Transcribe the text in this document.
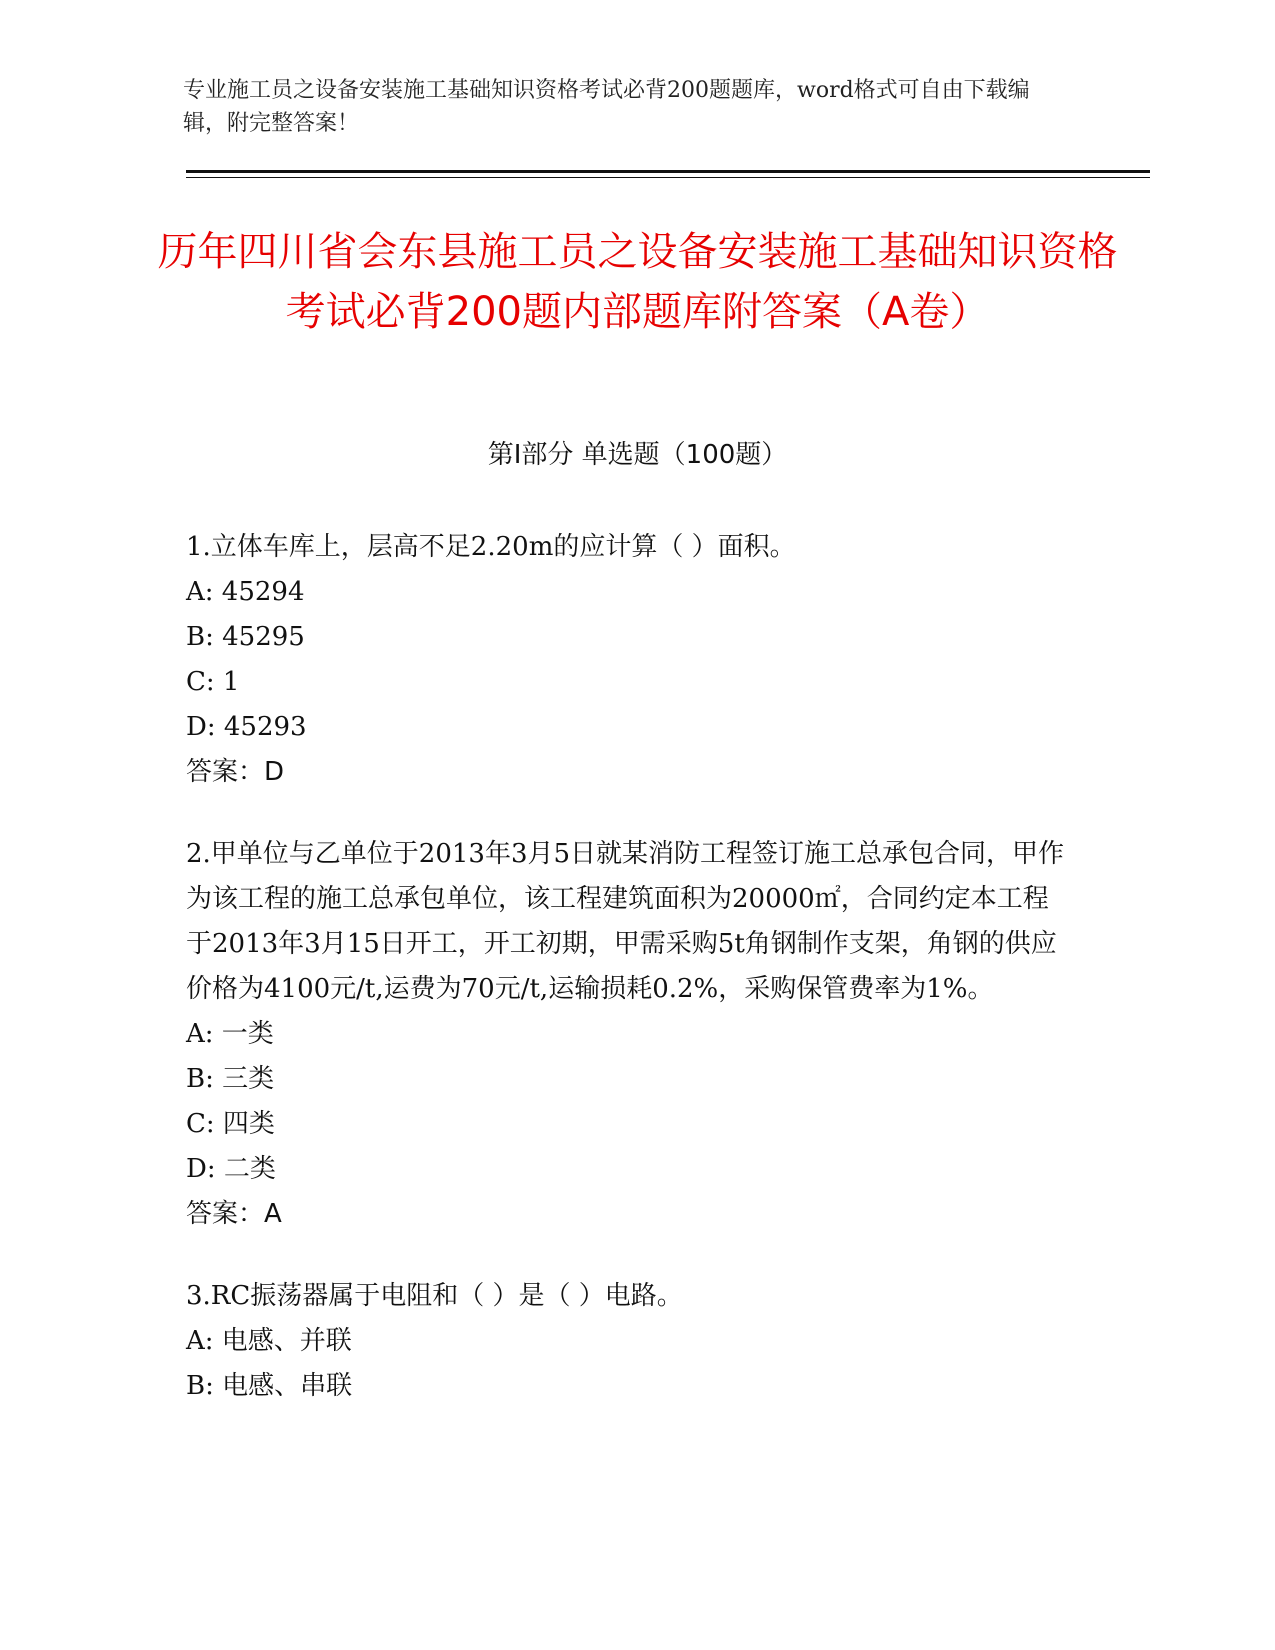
专业施工员之设备安装施工基础知识资格考试必背200题题库，word格式可自由下载编辑，附完整答案！
历年四川省会东县施工员之设备安装施工基础知识资格考试必背200题内部题库附答案（A卷）
第Ⅰ部分 单选题（100题）

1.立体车库上，层高不足2.20m的应计算（ ）面积。

A: 45294

B: 45295

C: 1

D: 45293

答案：D

2.甲单位与乙单位于2013年3月5日就某消防工程签订施工总承包合同，甲作为该工程的施工总承包单位，该工程建筑面积为20000㎡，合同约定本工程于2013年3月15日开工，开工初期，甲需采购5t角钢制作支架，角钢的供应价格为4100元/t,运费为70元/t,运输损耗0.2%，采购保管费率为1%。

A: 一类

B: 三类

C: 四类

D: 二类

答案：A

3.RC振荡器属于电阻和（ ）是（ ）电路。

A: 电感、并联

B: 电感、串联
